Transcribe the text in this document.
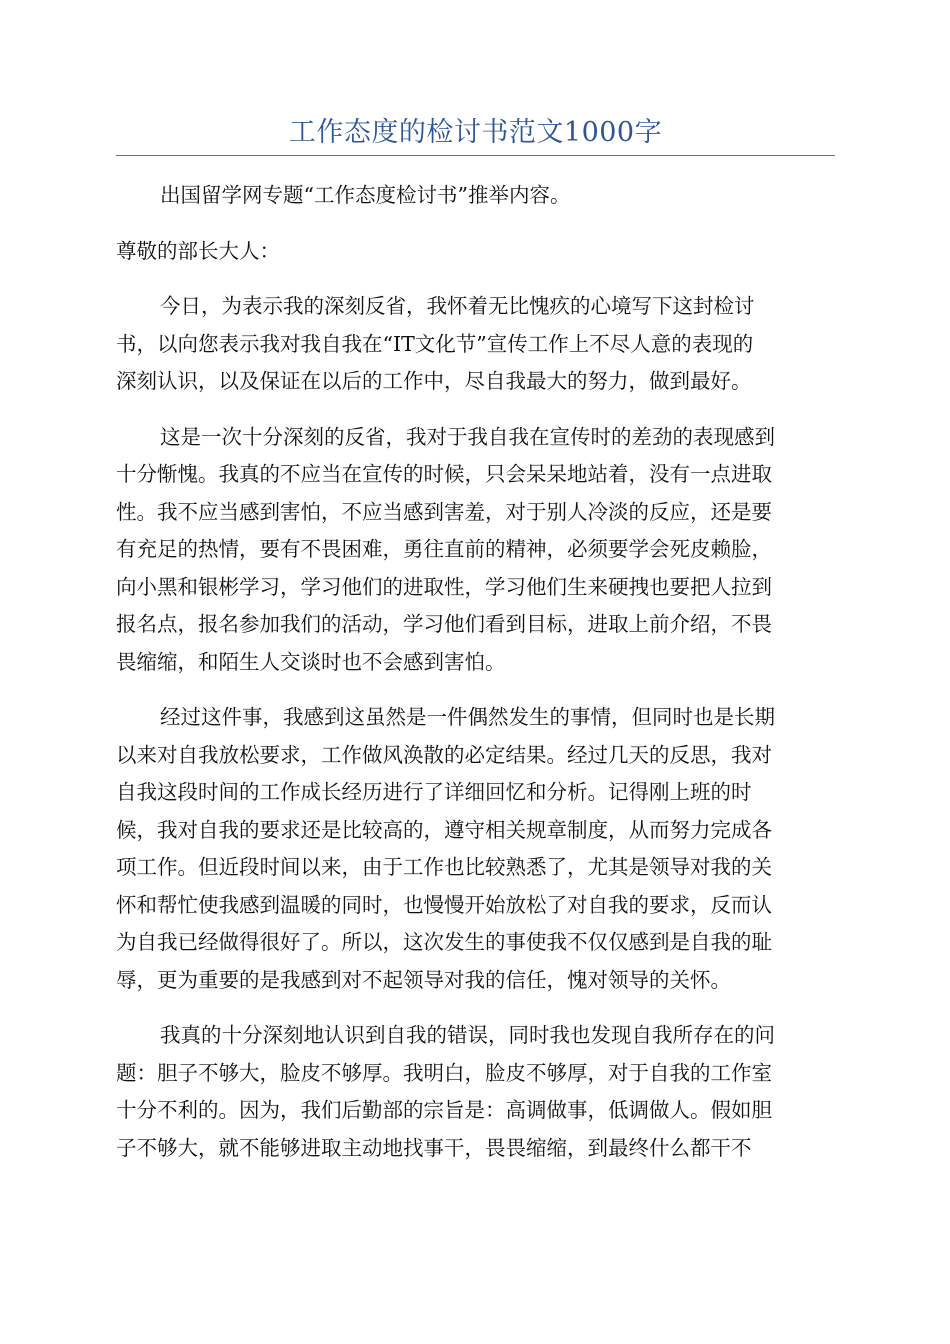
工作态度的检讨书范文1000字
出国留学网专题“工作态度检讨书”推举内容。
尊敬的部长大人：
今日，为表示我的深刻反省，我怀着无比愧疚的心境写下这封检讨
书，以向您表示我对我自我在“IT文化节”宣传工作上不尽人意的表现的
深刻认识，以及保证在以后的工作中，尽自我最大的努力，做到最好。
这是一次十分深刻的反省，我对于我自我在宣传时的差劲的表现感到
十分惭愧。我真的不应当在宣传的时候，只会呆呆地站着，没有一点进取
性。我不应当感到害怕，不应当感到害羞，对于别人冷淡的反应，还是要
有充足的热情，要有不畏困难，勇往直前的精神，必须要学会死皮赖脸，
向小黑和银彬学习，学习他们的进取性，学习他们生来硬拽也要把人拉到
报名点，报名参加我们的活动，学习他们看到目标，进取上前介绍，不畏
畏缩缩，和陌生人交谈时也不会感到害怕。
经过这件事，我感到这虽然是一件偶然发生的事情，但同时也是长期
以来对自我放松要求，工作做风涣散的必定结果。经过几天的反思，我对
自我这段时间的工作成长经历进行了详细回忆和分析。记得刚上班的时
候，我对自我的要求还是比较高的，遵守相关规章制度，从而努力完成各
项工作。但近段时间以来，由于工作也比较熟悉了，尤其是领导对我的关
怀和帮忙使我感到温暖的同时，也慢慢开始放松了对自我的要求，反而认
为自我已经做得很好了。所以，这次发生的事使我不仅仅感到是自我的耻
辱，更为重要的是我感到对不起领导对我的信任，愧对领导的关怀。
我真的十分深刻地认识到自我的错误，同时我也发现自我所存在的问
题：胆子不够大，脸皮不够厚。我明白，脸皮不够厚，对于自我的工作室
十分不利的。因为，我们后勤部的宗旨是：高调做事，低调做人。假如胆
子不够大，就不能够进取主动地找事干，畏畏缩缩，到最终什么都干不
